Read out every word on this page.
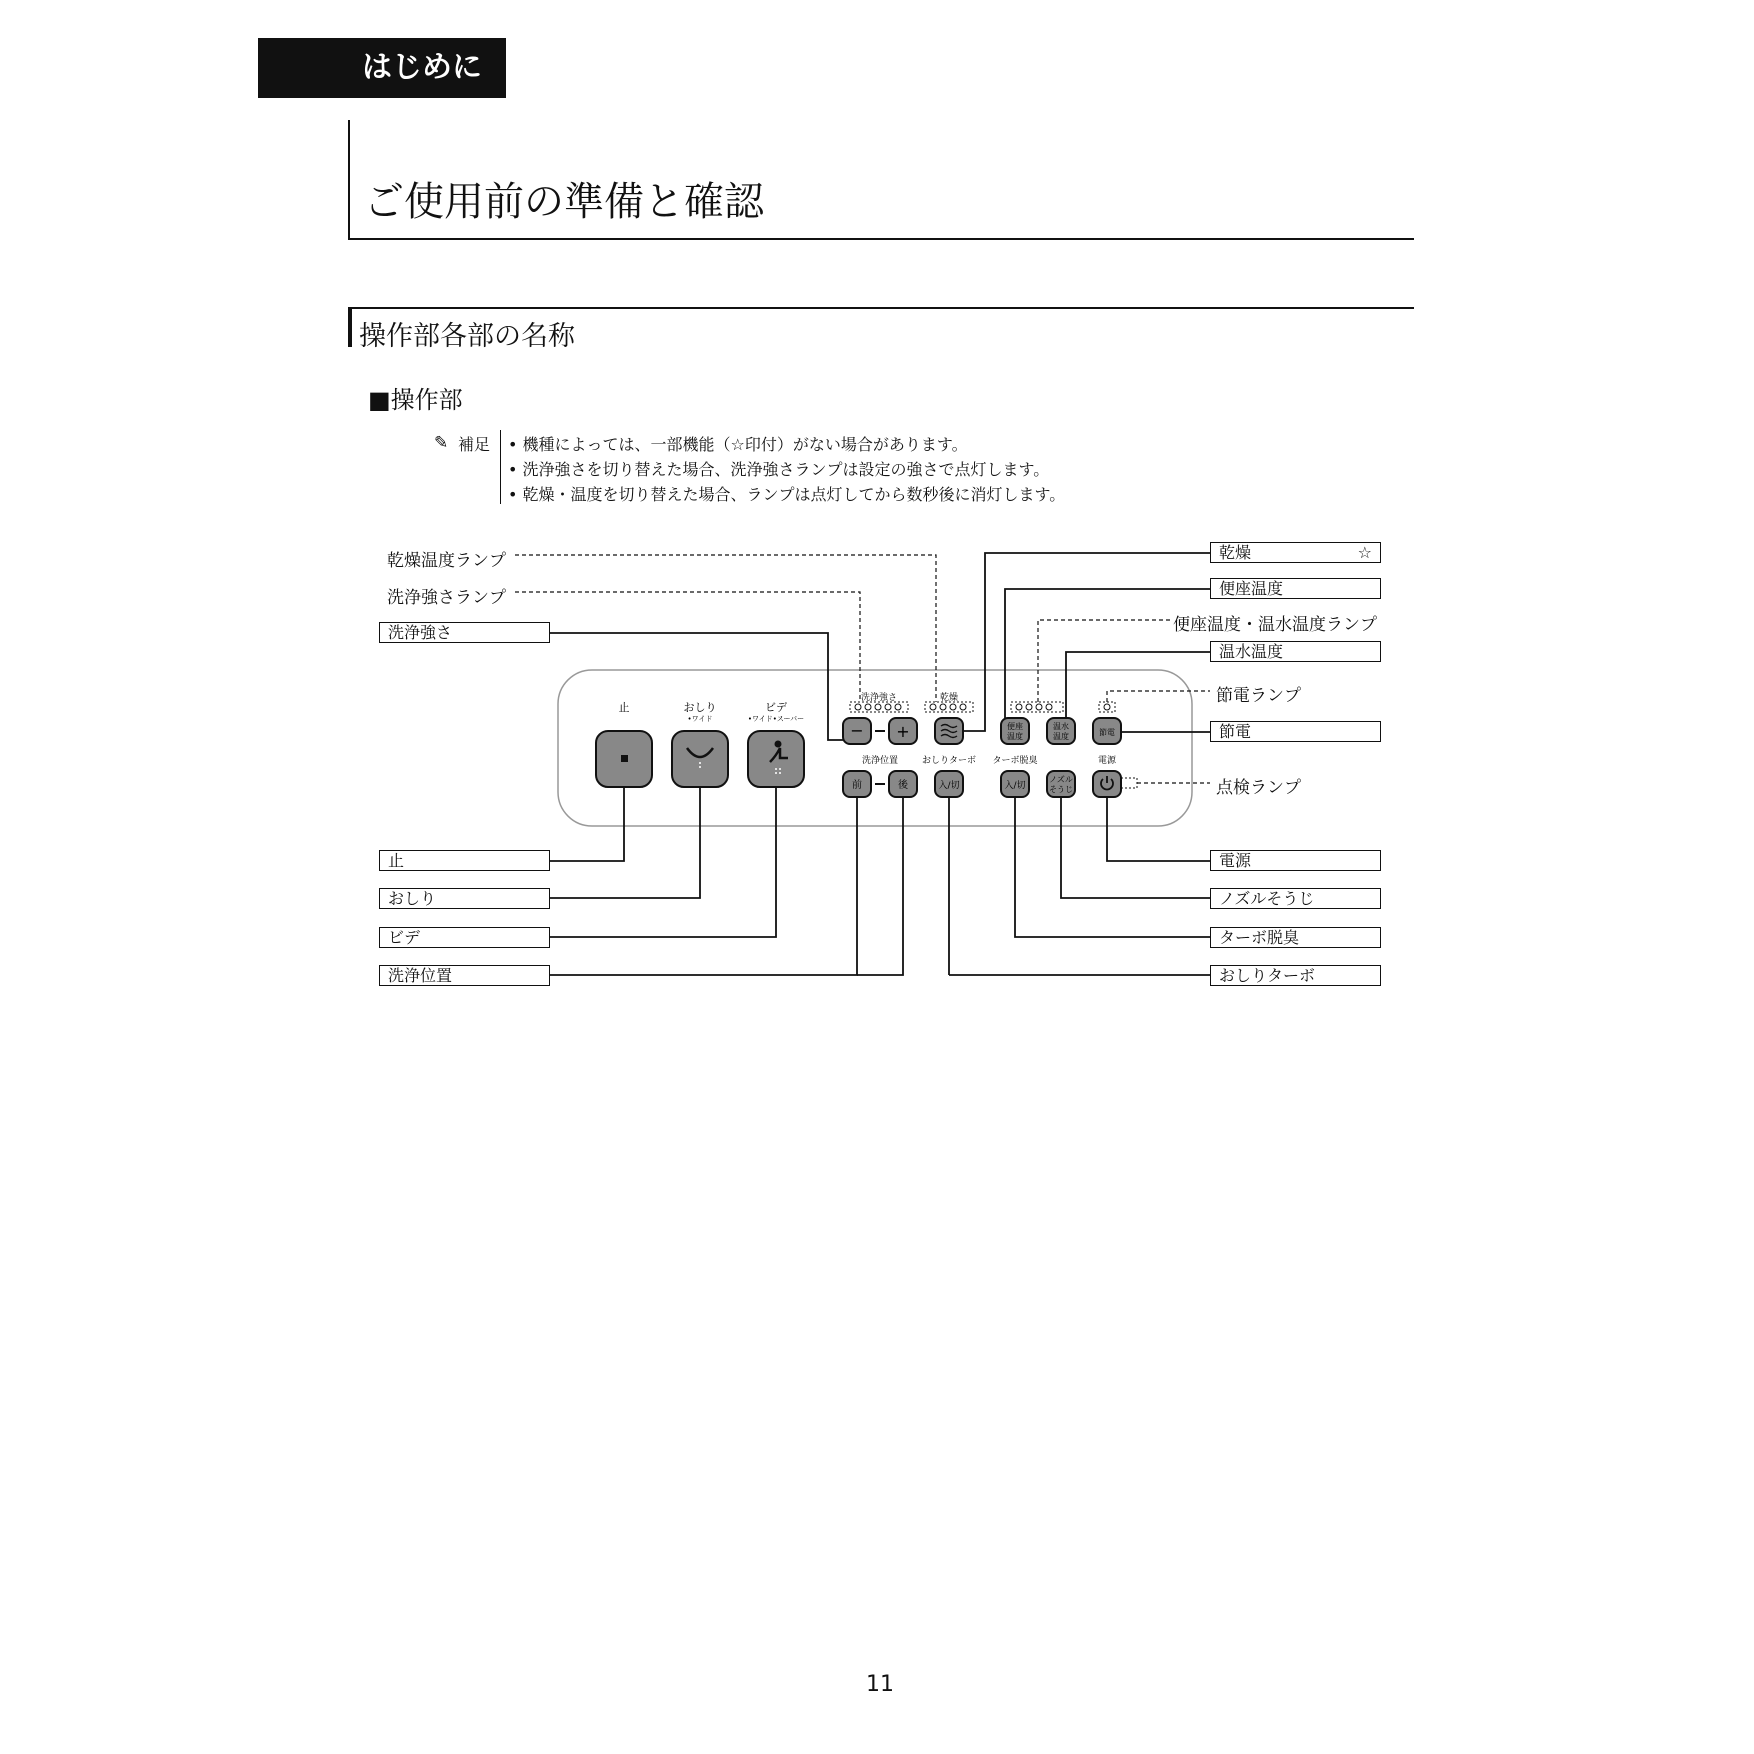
はじめに
ご使用前の準備と確認
操作部各部の名称
■操作部
✎ 補足 • 機種によっては、一部機能（☆印付）がない場合があります。
• 洗浄強さを切り替えた場合、洗浄強さランプは設定の強さで点灯します。
• 乾燥・温度を切り替えた場合、ランプは点灯してから数秒後に消灯します。
止	おしり
•ワイド
ビデ
•ワイド•スーパー
洗浄強さ	乾燥
− +	便座
温度
温水
温度	節電
洗浄位置
前	後
おしりターボ
入/切
ターボ脱臭
入/切
ノズル
そうじ
電源
乾燥温度ランプ
洗浄強さランプ
洗浄強さ
止
おしり
ビデ
洗浄位置
乾燥	☆
便座温度
便座温度・温水温度ランプ
温水温度
節電ランプ
節電
点検ランプ
電源
ノズルそうじ
ターボ脱臭
おしりターボ
11
